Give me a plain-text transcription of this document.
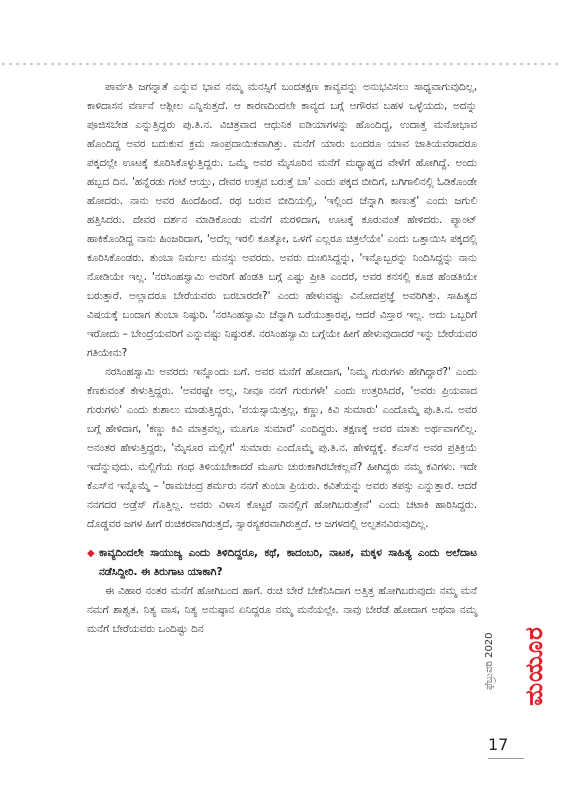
ಪಾರ್ವತಿ ಜಗನ್ನಾತೆ ಎನ್ನುವ ಭಾವ ನಮ್ಮ ಮನಸ್ಸಿಗೆ ಬಂದತಕ್ಷಣ ಕಾವ್ಯವನ್ನು ಅನುಭವಿಸಲು ಸಾಧ್ಯವಾಗುವುದಿಲ್ಲ, ಕಾಳಿದಾಸನ ವರ್ಣನೆ ಅಶ್ಲೀಲ ಎನ್ನಿಸುತ್ತದೆ. ಆ ಕಾರಣದಿಂದಲೇ ಕಾವ್ಯದ ಬಗ್ಗೆ ಅಗೌರವ ಬಹಳ ಒಳ್ಳೆಯದು, ಅದನ್ನು ಪೂಜಿಸಬೇಡ ಎನ್ನುತ್ತಿದ್ದರು ಪು.ತಿ.ನ. ವಿಚಿತ್ರವಾದ ಆಧುನಿಕ ಐಡಿಯಾಗಳನ್ನು ಹೊಂದಿದ್ದ, ಉದಾತ್ತ ಮನೋಭಾವ ಹೊಂದಿದ್ದ ಅವರ ಬದುಕುವ ಕ್ರಮ ಸಾಂಪ್ರದಾಯಿಕವಾಗಿತ್ತು. ಮನೆಗೆ ಯಾರು ಬಂದರೂ ಯಾವ ಜಾತಿಯವರಾದರೂ ಪಕ್ಕದಲ್ಲೇ ಊಟಕ್ಕೆ ಕೂರಿಸಿಕೊಳ್ಳುತ್ತಿದ್ದರು. ಒಮ್ಮೆ ಅವರ ಮೈಸೂರಿನ ಮನೆಗೆ ಮಧ್ಯಾಹ್ನದ ವೇಳೆಗೆ ಹೋಗಿದ್ದೆ. ಅಂದು ಹಬ್ಬದ ದಿನ. 'ಹನ್ನೆರಡು ಗಂಟೆ ಆಯ್ತು, ದೇವರ ಉತ್ಸವ ಬರುತ್ತೆ ಬಾ' ಎಂದು ಪಕ್ಕದ ಬೀದಿಗೆ, ಬಗಿಗಾಲಿನಲ್ಲಿ ಓಡಿಕೊಂಡೇ ಹೋದರು. ನಾನು ಅವರ ಹಿಂದೆಹಿಂದೆ. ರಥ ಬರುವ ಬೀದಿಯಲ್ಲಿ, 'ಇಲ್ಲಿಂದ ಚೆನ್ನಾಗಿ ಕಾಣುತ್ತೆ' ಎಂದು ಜಗುಲಿ ಹತ್ತಿಸಿದರು. ದೇವರ ದರ್ಶನ ಮಾಡಿಕೊಂಡು ಮನೆಗೆ ಮರಳಿದಾಗ, ಊಟಕ್ಕೆ ಕೂರುವಂತೆ ಹೇಳಿದರು. ಪ್ಯಾಂಟ್ ಹಾಕಿಕೊಂಡಿದ್ದ ನಾನು ಹಿಂಜರಿದಾಗ, 'ಅದೆಲ್ಲ ಇರಲಿ ಕೂತ್ಕೋ, ಒಳಗೆ ಎಲ್ಲರೂ ಚಿತ್ರಲೆಯೇ' ಎಂದು ಒತ್ತಾಯಿಸಿ ಪಕ್ಕದಲ್ಲಿ ಕೂರಿಸಿಕೊಂಡರು. ತುಂಬಾ ನಿರ್ಮಲ ಮನಸ್ಸು ಅವರದು. ಅವರು ದುಃಖಿಸಿದ್ದನ್ನು, 'ಇನ್ನೊಬ್ಬರನ್ನು ನಿಂದಿಸಿದ್ದನ್ನು ನಾನು ನೋಡಿಯೇ ಇಲ್ಲ. 'ನರಸಿಂಹಸ್ವಾಮಿ ಅವರಿಗೆ ಹೆಂಡತಿ ಬಗ್ಗೆ ಎಷ್ಟು ಪ್ರೀತಿ ಎಂದರೆ, ಅವರ ಕನಸಲ್ಲಿ ಕೂಡ ಹೆಂಡತಿಯೇ ಬರುತ್ತಾರೆ. ಅಲ್ಲಾದರೂ ಬೇರೆಯವರು ಬರಬಾರದೇ?' ಎಂದು ಹೇಳುವಷ್ಟು ವಿನೋದಪ್ರಜ್ಞೆ ಅವರಿಗಿತ್ತು. ಸಾಹಿತ್ಯದ ವಿಷಯಕ್ಕೆ ಬಂದಾಗ ತುಂಬಾ ನಿಷ್ಠುರಿ. 'ನರಸಿಂಹಸ್ವಾಮಿ ಚೆನ್ನಾಗಿ ಬರೆಯುತ್ತಾರಪ್ಪ, ಆದರೆ ವಿಸ್ತಾರ ಇಲ್ಲ. ಅದು ಒಬ್ಬರಿಗೆ ಇರೋದು – ಬೇಂದ್ರೆಯವರಿಗೆ ಎನ್ನುವಷ್ಟು ನಿಷ್ಠುರತೆ. ನರಸಿಂಹಸ್ವಾಮಿ ಬಗ್ಗೆಯೇ ಹೀಗೆ ಹೇಳುವುದಾದರೆ ಇನ್ನು ಬೇರೆಯವರ ಗತಿಯೇನು?

ನರಸಿಂಹಸ್ವಾಮಿ ಅವರದು ಇನ್ನೊಂದು ಬಗೆ. ಅವರ ಮನೆಗೆ ಹೋದಾಗ, 'ನಿಮ್ಮ ಗುರುಗಳು ಹೇಗಿದ್ದಾರೆ?' ಎಂದು ಕೆಣಕುವಂತೆ ಕೇಳುತ್ತಿದ್ದರು. 'ಅವರಷ್ಟೇ ಅಲ್ಲ, ನೀವೂ ನನಗೆ ಗುರುಗಳೇ' ಎಂದು ಉತ್ತರಿಸಿದರೆ, 'ಅವರು ಪ್ರಿಯವಾದ ಗುರುಗಳು' ಎಂದು ಕುಶಾಲು ಮಾಡುತ್ತಿದ್ದರು. 'ವಯಸ್ಸಾಯಿತ್ತಲ್ಲ, ಕಣ್ಣು, ಕಿವಿ ಸುಮಾರು' ಎಂದೊಮ್ಮೆ ಪು.ತಿ.ನ. ಅವರ ಬಗ್ಗೆ ಹೇಳಿದಾಗ, 'ಕಣ್ಣು ಕಿವಿ ಮಾತ್ರವಲ್ಲ, ಮೂಗೂ ಸುಮಾರೆ' ಎಂದಿದ್ದರು. ತಕ್ಷಣಕ್ಕೆ ಅವರ ಮಾತು ಅರ್ಥವಾಗಲಿಲ್ಲ. ಅನಂತರ ಹೇಳುತ್ತಿದ್ದರು, 'ಮೈಸೂರ ಮಲ್ಲಿಗೆ' ಸುಮಾರು ಎಂದೊಮ್ಮೆ ಪು.ತಿ.ನ. ಹೇಳಿದ್ದಕ್ಕೆ. ಕೆಎಸ್‌ನ ಅವರ ಪ್ರತಿಕ್ರಿಯೆ ಇದೆನ್ನುವುದು. ಮಲ್ಲಿಗೆಯ ಗಂಧ ತಿಳಿಯಬೇಕಾದರೆ ಮೂಗು ಚುರುಕಾಗಿರಬೇಕಲ್ಲವೆ? ಹೀಗಿದ್ದರು ನಮ್ಮ ಕವಿಗಳು. ಇದೇ ಕೆಎಸ್‌ನ ಇನ್ನೊಮ್ಮೆ – 'ರಾಮಚಂದ್ರ ಶರ್ಮರು ನನಗೆ ತುಂಬಾ ಪ್ರಿಯರು. ಕವಿತೆಯನ್ನು ಅವರು ತಪಸ್ಸು ಎನ್ನುತ್ತಾರೆ. ಆದರೆ ನನಗದರ ಅಡ್ರೆಸ್ ಗೊತ್ತಿಲ್ಲ. ಅವರು ವಿಳಾಸ ಕೊಟ್ಟರೆ ನಾನಲ್ಲಿಗೆ ಹೋಗಿಬರುತ್ತೇನೆ' ಎಂದು ಚಟಾಕಿ ಹಾರಿಸಿದ್ದರು. ದೊಡ್ಡವರ ಜಗಳ ಹೀಗೆ ರುಚಿಕರವಾಗಿರುತ್ತದೆ, ಸ್ವಾರಸ್ಯಕರವಾಗಿರುತ್ತದೆ. ಆ ಜಗಳದಲ್ಲಿ ಅಲ್ಪತನವಿರುವುದಿಲ್ಲ.

◆ ಕಾವ್ಯದಿಂದಲೇ ಸಾಯುಜ್ಯ ಎಂದು ತಿಳಿದಿದ್ದರೂ, ಕಥೆ, ಕಾದಂಬರಿ, ನಾಟಕ, ಮಕ್ಕಳ ಸಾಹಿತ್ಯ ಎಂದು ಅಲೆದಾಟ ನಡೆಸಿದ್ದೀರಿ. ಈ ತಿರುಗಾಟ ಯಾಕಾಗಿ?

ಈ ವಿಹಾರ ನಂತರ ಮನೆಗೆ ಹೋಗಿಬಂದ ಹಾಗೆ. ರುಚಿ ಬೇರೆ ಬೇಕೆನಿಸಿದಾಗ ಅತ್ತಿತ್ತ ಹೋಗಿಬರುವುದು ನಮ್ಮ ಮನೆ ನಮಗೆ ಶಾಶ್ವತ. ನಿತ್ಯ ವಾಸ, ನಿತ್ಯ ಅನುಷ್ಠಾನ ಏನಿದ್ದರೂ ನಮ್ಮ ಮನೆಯಲ್ಲೇ. ನಾವು ಬೇರೆಡೆ ಹೋದಾಗ ಅಥವಾ ನಮ್ಮ ಮನೆಗೆ ಬೇರೆಯವರು ಒಂದಿಷ್ಟು ದಿನ

ಫೆಬ್ರುವರಿ 2020 ಮಯೂರ
17
